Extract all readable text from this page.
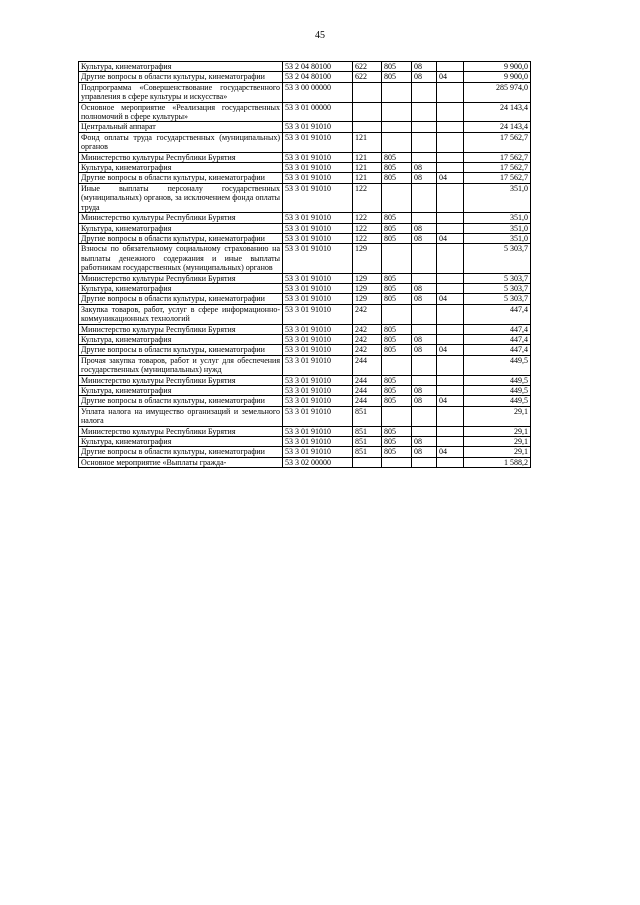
45
Культура, кинематография	53 2 04 80100	622	805	08		9 900,0
Другие вопросы в области культуры, кинематографии	53 2 04 80100	622	805	08	04	9 900,0
Подпрограмма «Совершенствование государственного управления в сфере культуры и искусства»	53 3 00 00000					285 974,0
Основное мероприятие «Реализация государственных полномочий в сфере культуры»	53 3 01 00000					24 143,4
Центральный аппарат	53 3 01 91010					24 143,4
Фонд оплаты труда государственных (муниципальных) органов	53 3 01 91010	121				17 562,7
Министерство культуры Республики Бурятия	53 3 01 91010	121	805			17 562,7
Культура, кинематография	53 3 01 91010	121	805	08		17 562,7
Другие вопросы в области культуры, кинематографии	53 3 01 91010	121	805	08	04	17 562,7
Иные выплаты персоналу государственных (муниципальных) органов, за исключением фонда оплаты труда	53 3 01 91010	122				351,0
Министерство культуры Республики Бурятия	53 3 01 91010	122	805			351,0
Культура, кинематография	53 3 01 91010	122	805	08		351,0
Другие вопросы в области культуры, кинематографии	53 3 01 91010	122	805	08	04	351,0
Взносы по обязательному социальному страхованию на выплаты денежного содержания и иные выплаты работникам государственных (муниципальных) органов	53 3 01 91010	129				5 303,7
Министерство культуры Республики Бурятия	53 3 01 91010	129	805			5 303,7
Культура, кинематография	53 3 01 91010	129	805	08		5 303,7
Другие вопросы в области культуры, кинематографии	53 3 01 91010	129	805	08	04	5 303,7
Закупка товаров, работ, услуг в сфере информационно-коммуникационных технологий	53 3 01 91010	242				447,4
Министерство культуры Республики Бурятия	53 3 01 91010	242	805			447,4
Культура, кинематография	53 3 01 91010	242	805	08		447,4
Другие вопросы в области культуры, кинематографии	53 3 01 91010	242	805	08	04	447,4
Прочая закупка товаров, работ и услуг для обеспечения государственных (муниципальных) нужд	53 3 01 91010	244				449,5
Министерство культуры Республики Бурятия	53 3 01 91010	244	805			449,5
Культура, кинематография	53 3 01 91010	244	805	08		449,5
Другие вопросы в области культуры, кинематографии	53 3 01 91010	244	805	08	04	449,5
Уплата налога на имущество организаций и земельного налога	53 3 01 91010	851				29,1
Министерство культуры Республики Бурятия	53 3 01 91010	851	805			29,1
Культура, кинематография	53 3 01 91010	851	805	08		29,1
Другие вопросы в области культуры, кинематографии	53 3 01 91010	851	805	08	04	29,1
Основное мероприятие «Выплаты гражда-	53 3 02 00000					1 588,2
